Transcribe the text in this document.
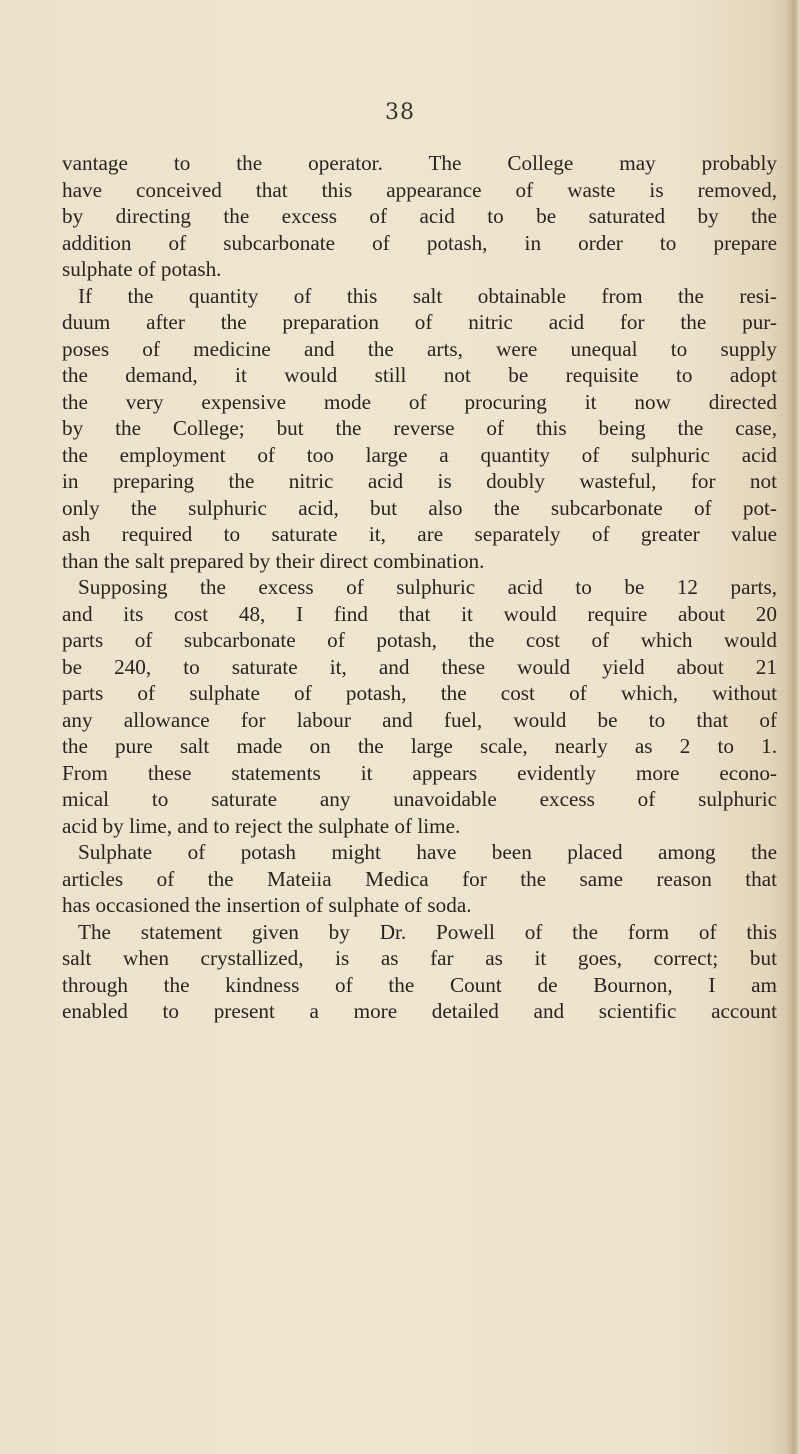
38
vantage to the operator. The College may probably
have conceived that this appearance of waste is removed,
by directing the excess of acid to be saturated by the
addition of subcarbonate of potash, in order to prepare
sulphate of potash.
If the quantity of this salt obtainable from the resi-
duum after the preparation of nitric acid for the pur-
poses of medicine and the arts, were unequal to supply
the demand, it would still not be requisite to adopt
the very expensive mode of procuring it now directed
by the College; but the reverse of this being the case,
the employment of too large a quantity of sulphuric acid
in preparing the nitric acid is doubly wasteful, for not
only the sulphuric acid, but also the subcarbonate of pot-
ash required to saturate it, are separately of greater value
than the salt prepared by their direct combination.
Supposing the excess of sulphuric acid to be 12 parts,
and its cost 48, I find that it would require about 20
parts of subcarbonate of potash, the cost of which would
be 240, to saturate it, and these would yield about 21
parts of sulphate of potash, the cost of which, without
any allowance for labour and fuel, would be to that of
the pure salt made on the large scale, nearly as 2 to 1.
From these statements it appears evidently more econo-
mical to saturate any unavoidable excess of sulphuric
acid by lime, and to reject the sulphate of lime.
Sulphate of potash might have been placed among the
articles of the Mateiia Medica for the same reason that
has occasioned the insertion of sulphate of soda.
The statement given by Dr. Powell of the form of this
salt when crystallized, is as far as it goes, correct; but
through the kindness of the Count de Bournon, I am
enabled to present a more detailed and scientific account
